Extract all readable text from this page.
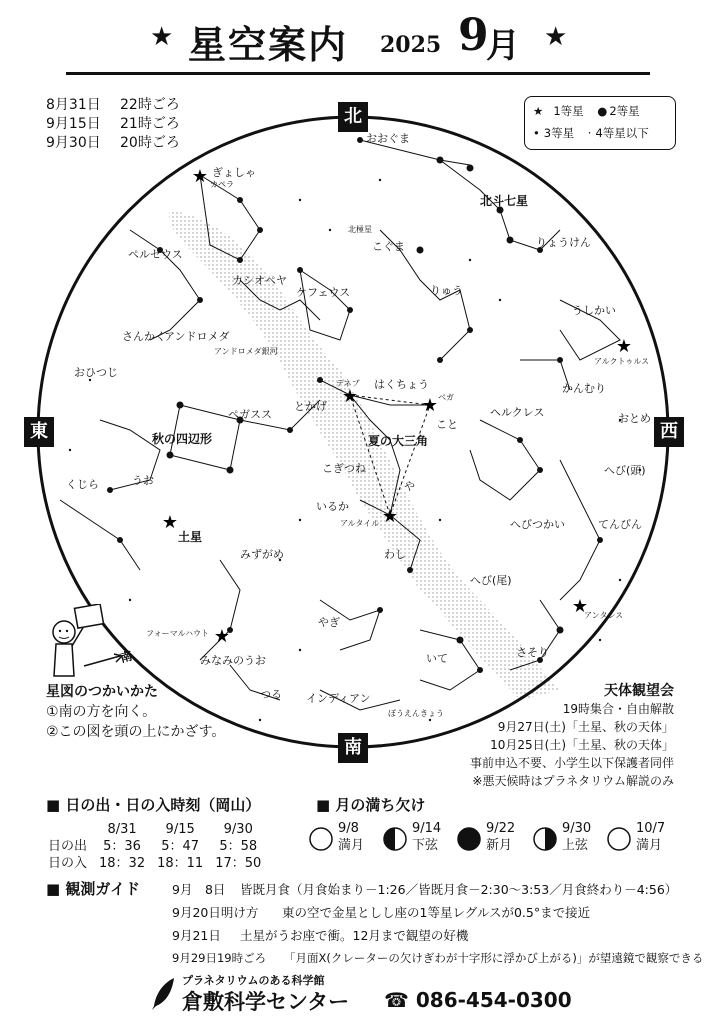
★ 星空案内 2025 9
月 ★
8月31日 22時ごろ
9月15日 21時ごろ
9月30日 20時ごろ
★ 1等星 ● 2等星
• 3等星 · 4等星以下
★
★
★	★
★
★
★
★
北
南
東	西
おおぐま
北斗七星
ぎょしゃ
カペラ
北極星
こぐま	りょうけん
ペルセウス
カシオペヤ
りゅう
ケフェウス
うしかい
さんかく
アンドロメダ
アンドロメダ銀河
アルクトゥルス
かんむり
おひつじ
デネブ はくちょう
ベガ
こと
とかげ	ヘルクレス	おとめ
ペガスス
秋の四辺形	夏の大三角
へび(頭)
こぎつね
や
くじら	うお
いるか
アルタイル	へびつかい	てんびん
土星
わし
みずがめ
へび(尾)
アンタレス
フォーマルハウト
やぎ
さそり
みなみのうお	いて
つる インディアン
ぼうえんきょう
南
星図のつかいかた
①南の方を向く。
②この図を頭の上にかざす。
天体観望会
19時集合・自由解散
9月27日(土)「土星、秋の天体」
10月25日(土)「土星、秋の天体」
事前申込不要、小学生以下保護者同伴
※悪天候時はプラネタリウム解説のみ
■ 日の出・日の入時刻（岡山）
	8/31	9/15	9/30
日の出	5：36	5：47	5：58
日の入	18：32	18：11	17：50
■ 月の満ち欠け
9/8
満月
9/14
下弦
9/22
新月
9/30
上弦
10/7
満月
■ 観測ガイド	9月　8日 皆既月食（月食始まり－1:26／皆既月食－2:30～3:53／月食終わり－4:56）
9月20日明け方 東の空で金星としし座の1等星レグルスが0.5°まで接近
9月21日 土星がうお座で衝。12月まで観望の好機
9月29日19時ごろ 「月面X(クレーターの欠けぎわが十字形に浮かび上がる)」が望遠鏡で観察できる
プラネタリウムのある科学館
倉敷科学センター ☎ 086-454-0300
